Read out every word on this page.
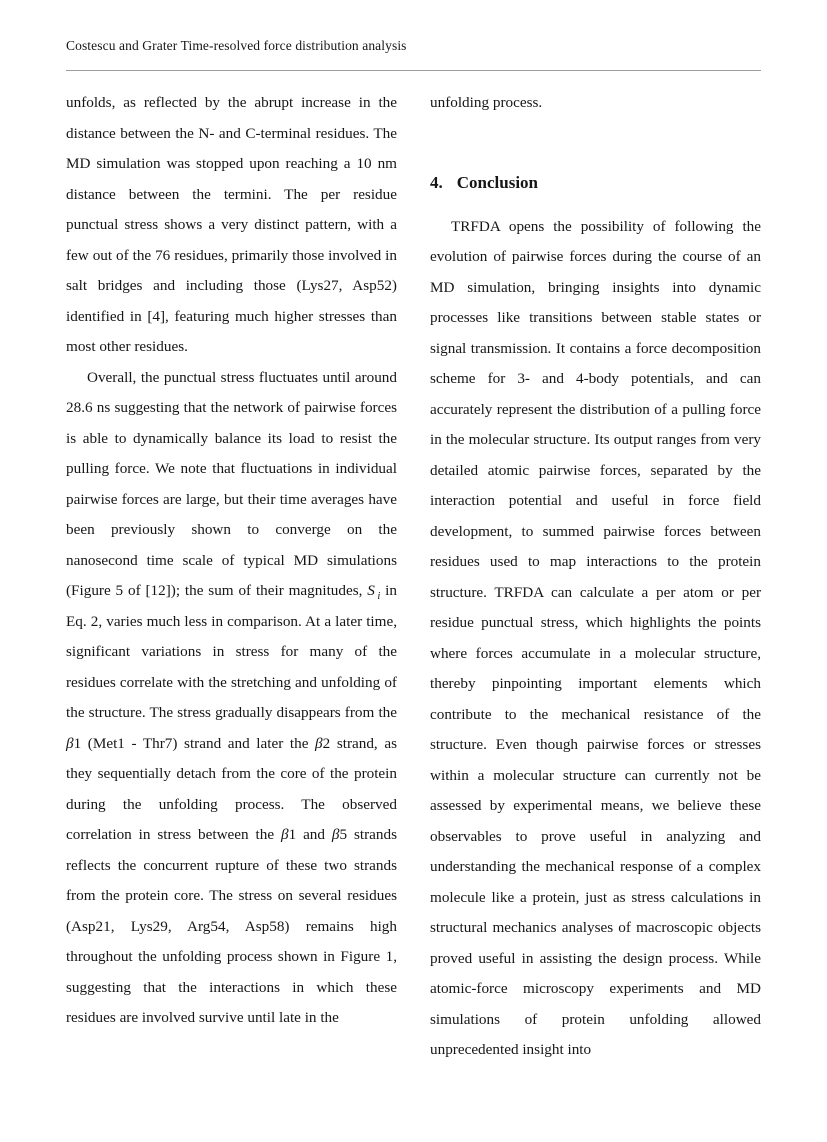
Costescu and Grater Time-resolved force distribution analysis

unfolds, as reflected by the abrupt increase in the distance between the N- and C-terminal residues. The MD simulation was stopped upon reaching a 10 nm distance between the termini. The per residue punctual stress shows a very distinct pattern, with a few out of the 76 residues, primarily those involved in salt bridges and including those (Lys27, Asp52) identified in [4], featuring much higher stresses than most other residues.

Overall, the punctual stress fluctuates until around 28.6 ns suggesting that the network of pairwise forces is able to dynamically balance its load to resist the pulling force. We note that fluctuations in individual pairwise forces are large, but their time averages have been previously shown to converge on the nanosecond time scale of typical MD simulations (Figure 5 of [12]); the sum of their magnitudes, S $_i$ in Eq. 2, varies much less in comparison. At a later time, significant variations in stress for many of the residues correlate with the stretching and unfolding of the structure. The stress gradually disappears from the β1 (Met1 - Thr7) strand and later the β2 strand, as they sequentially detach from the core of the protein during the unfolding process. The observed correlation in stress between the β1 and β5 strands reflects the concurrent rupture of these two strands from the protein core. The stress on several residues (Asp21, Lys29, Arg54, Asp58) remains high throughout the unfolding process shown in Figure 1, suggesting that the interactions in which these residues are involved survive until late in the

unfolding process.

4. Conclusion

TRFDA opens the possibility of following the evolution of pairwise forces during the course of an MD simulation, bringing insights into dynamic processes like transitions between stable states or signal transmission. It contains a force decomposition scheme for 3- and 4-body potentials, and can accurately represent the distribution of a pulling force in the molecular structure. Its output ranges from very detailed atomic pairwise forces, separated by the interaction potential and useful in force field development, to summed pairwise forces between residues used to map interactions to the protein structure. TRFDA can calculate a per atom or per residue punctual stress, which highlights the points where forces accumulate in a molecular structure, thereby pinpointing important elements which contribute to the mechanical resistance of the structure. Even though pairwise forces or stresses within a molecular structure can currently not be assessed by experimental means, we believe these observables to prove useful in analyzing and understanding the mechanical response of a complex molecule like a protein, just as stress calculations in structural mechanics analyses of macroscopic objects proved useful in assisting the design process. While atomic-force microscopy experiments and MD simulations of protein unfolding allowed unprecedented insight into
